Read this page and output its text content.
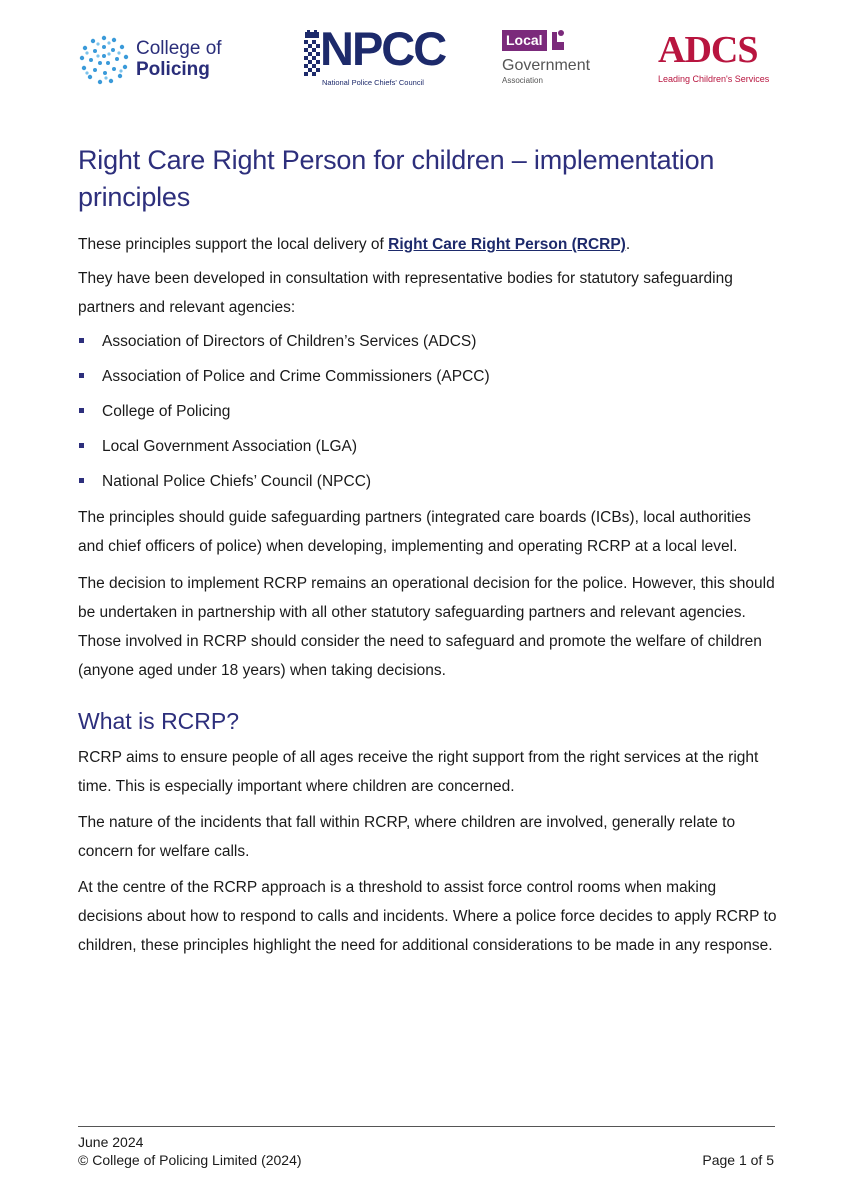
College of
Policing NPCC
National Police Chiefs' Council
Local
Government
Association
ADCS
Leading Children's Services
Right Care Right Person for children – implementation principles

These principles support the local delivery of Right Care Right Person (RCRP).

They have been developed in consultation with representative bodies for statutory safeguarding partners and relevant agencies:

Association of Directors of Children’s Services (ADCS)
Association of Police and Crime Commissioners (APCC)
College of Policing
Local Government Association (LGA)
National Police Chiefs’ Council (NPCC)

The principles should guide safeguarding partners (integrated care boards (ICBs), local authorities and chief officers of police) when developing, implementing and operating RCRP at a local level.

The decision to implement RCRP remains an operational decision for the police. However, this should be undertaken in partnership with all other statutory safeguarding partners and relevant agencies. Those involved in RCRP should consider the need to safeguard and promote the welfare of children (anyone aged under 18 years) when taking decisions.

What is RCRP?

RCRP aims to ensure people of all ages receive the right support from the right services at the right time. This is especially important where children are concerned.

The nature of the incidents that fall within RCRP, where children are involved, generally relate to concern for welfare calls.

At the centre of the RCRP approach is a threshold to assist force control rooms when making decisions about how to respond to calls and incidents. Where a police force decides to apply RCRP to children, these principles highlight the need for additional considerations to be made in any response.

June 2024
© College of Policing Limited (2024)	Page 1 of 5
